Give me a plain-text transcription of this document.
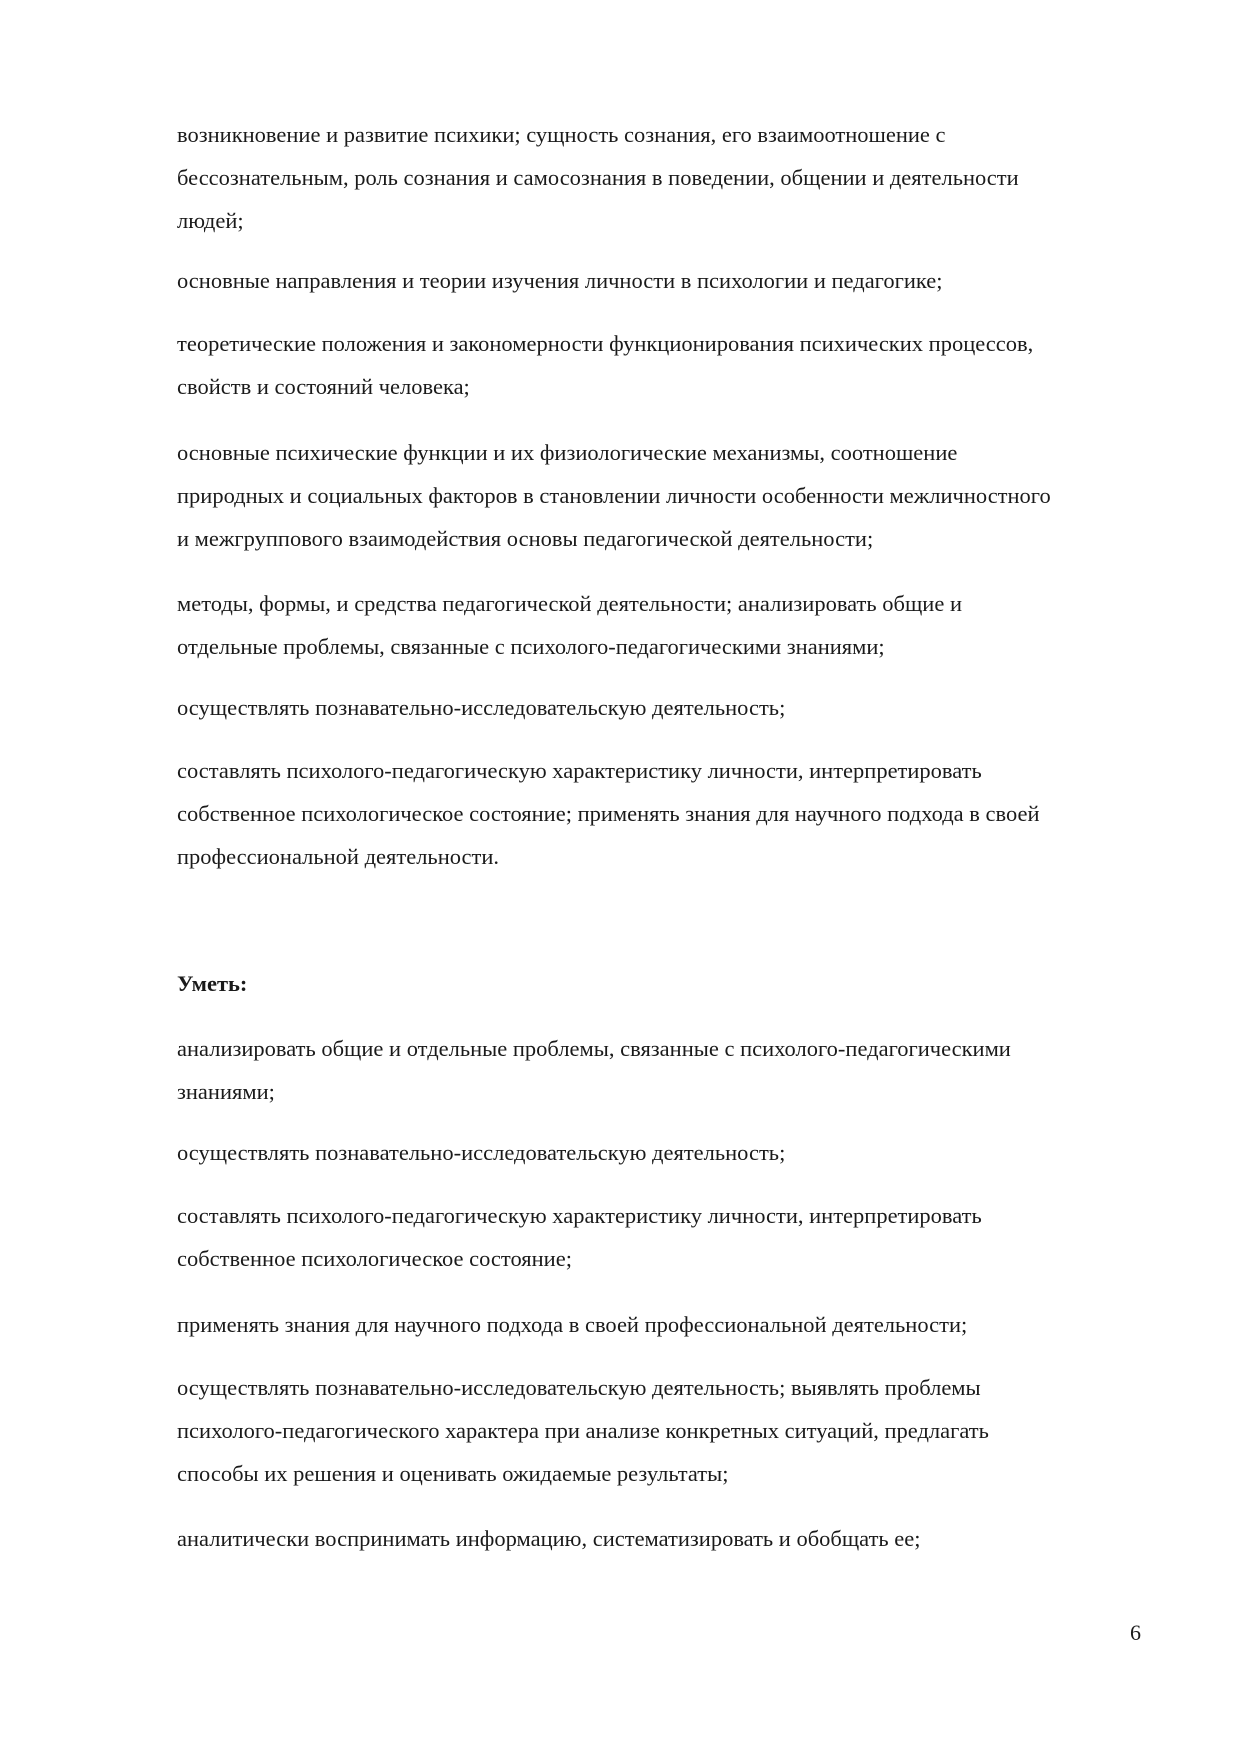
возникновение и развитие психики; сущность сознания, его взаимоотношение с

бессознательным, роль сознания и самосознания в поведении, общении и деятельности

людей;

основные направления и теории изучения личности в психологии и педагогике;

теоретические положения и закономерности функционирования психических процессов,

свойств и состояний человека;

основные психические функции и их физиологические механизмы, соотношение

природных и социальных факторов в становлении личности особенности межличностного

и межгруппового взаимодействия основы педагогической деятельности;

методы, формы, и средства педагогической деятельности; анализировать общие и

отдельные проблемы, связанные с психолого-педагогическими знаниями;

осуществлять познавательно-исследовательскую деятельность;

составлять психолого-педагогическую характеристику личности, интерпретировать

собственное психологическое состояние; применять знания для научного подхода в своей

профессиональной деятельности.

Уметь:

анализировать общие и отдельные проблемы, связанные с психолого-педагогическими

знаниями;

осуществлять познавательно-исследовательскую деятельность;

составлять психолого-педагогическую характеристику личности, интерпретировать

собственное психологическое состояние;

применять знания для научного подхода в своей профессиональной деятельности;

осуществлять познавательно-исследовательскую деятельность; выявлять проблемы

психолого-педагогического характера при анализе конкретных ситуаций, предлагать

способы их решения и оценивать ожидаемые результаты;

аналитически воспринимать информацию, систематизировать и обобщать ее;

6
